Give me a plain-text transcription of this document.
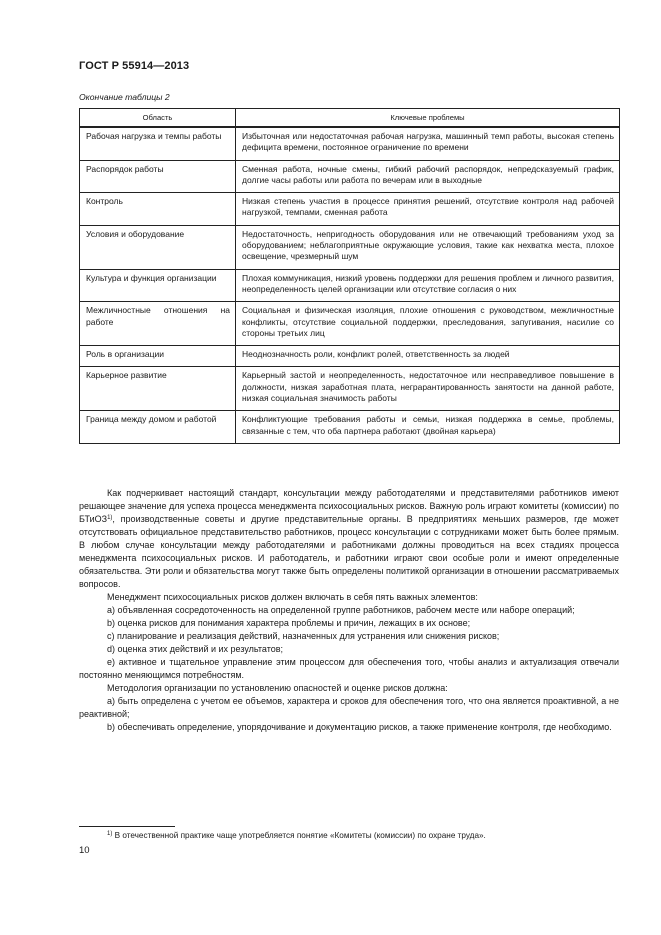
ГОСТ Р 55914—2013
Окончание таблицы 2
Область	Ключевые проблемы
Рабочая нагрузка и темпы работы	Избыточная или недостаточная рабочая нагрузка, машинный темп работы, высокая степень дефицита времени, постоянное ограничение по времени
Распорядок работы	Сменная работа, ночные смены, гибкий рабочий распорядок, непредсказуемый график, долгие часы работы или работа по вечерам или в выходные
Контроль	Низкая степень участия в процессе принятия решений, отсутствие контроля над рабочей нагрузкой, темпами, сменная работа
Условия и оборудование	Недостаточность, непригодность оборудования или не отвечающий требованиям уход за оборудованием; неблагоприятные окружающие условия, такие как нехватка места, плохое освещение, чрезмерный шум
Культура и функция организации	Плохая коммуникация, низкий уровень поддержки для решения проблем и личного развития, неопределенность целей организации или отсутствие согласия о них
Межличностные отношения на работе	Социальная и физическая изоляция, плохие отношения с руководством, межличностные конфликты, отсутствие социальной поддержки, преследования, запугивания, насилие со стороны третьих лиц
Роль в организации	Неоднозначность роли, конфликт ролей, ответственность за людей
Карьерное развитие	Карьерный застой и неопределенность, недостаточное или несправедливое повышение в должности, низкая заработная плата, неграрантированность занятости на данной работе, низкая социальная значимость работы
Граница между домом и работой	Конфликтующие требования работы и семьи, низкая поддержка в семье, проблемы, связанные с тем, что оба партнера работают (двойная карьера)

Как подчеркивает настоящий стандарт, консультации между работодателями и представителями работников имеют решающее значение для успеха процесса менеджмента психосоциальных рисков. Важную роль играют комитеты (комиссии) по БТиОЗ$^{1)}$, производственные советы и другие представительные органы. В предприятиях меньших размеров, где может отсутствовать официальное представительство работников, процесс консультации с сотрудниками может быть более прямым. В любом случае консультации между работодателями и работниками должны проводиться на всех стадиях процесса менеджмента психосоциальных рисков. И работодатель, и работники играют свои особые роли и имеют определенные обязательства. Эти роли и обязательства могут также быть определены политикой организации в отношении рассматриваемых вопросов.

Менеджмент психосоциальных рисков должен включать в себя пять важных элементов:

a) объявленная сосредоточенность на определенной группе работников, рабочем месте или наборе операций;

b) оценка рисков для понимания характера проблемы и причин, лежащих в их основе;

c) планирование и реализация действий, назначенных для устранения или снижения рисков;

d) оценка этих действий и их результатов;

e) активное и тщательное управление этим процессом для обеспечения того, чтобы анализ и актуализация отвечали постоянно меняющимся потребностям.

Методология организации по установлению опасностей и оценке рисков должна:

a) быть определена с учетом ее объемов, характера и сроков для обеспечения того, что она является проактивной, а не реактивной;

b) обеспечивать определение, упорядочивание и документацию рисков, а также применение контроля, где необходимо.

$^{1)}$ В отечественной практике чаще употребляется понятие «Комитеты (комиссии) по охране труда».
10
